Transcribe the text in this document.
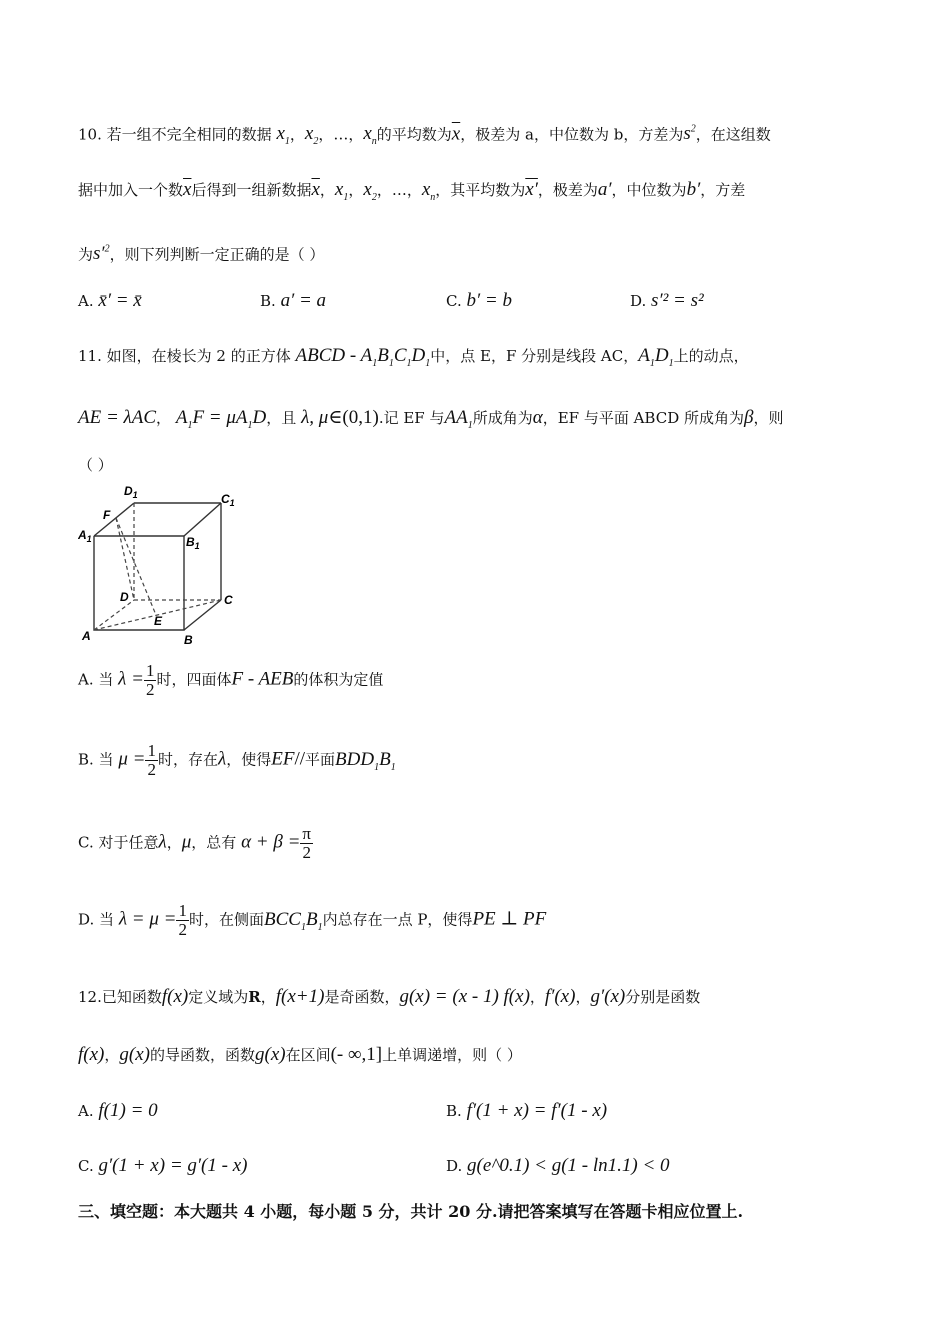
10. 若一组不完全相同的数据 $x_1$，$x_2$，…，$x_n$的平均数为$\overline{x}$，极差为 a，中位数为 b，方差为$s^2$，在这组数
据中加入一个数$\overline{x}$后得到一组新数据$\overline{x}$，$x_1$，$x_2$，…，$x_n$，其平均数为x′，极差为a′，中位数为b′，方差
为$s'^2$，则下列判断一定正确的是（ ）
A. x̄′ = x̄	B. a′ = a	C. b′ = b	D. s′² = s²
11. 如图，在棱长为 2 的正方体 ABCD - $A_1B_1C_1D_1$中，点 E，F 分别是线段 AC，$A_1D_1$上的动点，
AE = λAC， $A_1F = \mu A_1D$，且 λ, μ∈(0,1).记 EF 与$AA_1$所成角为α，EF 与平面 ABCD 所成角为β，则
（ ）
$D_1$	$C_1$
F
$A_1$	$B_1$
D	C
E
A	B
A. 当 $\lambda = \frac{1}{2}$ 时，四面体F - AEB的体积为定值
B. 当 $\mu = \frac{1}{2}$ 时，存在λ，使得EF//平面$BDD_1B_1$
C. 对于任意λ，μ，总有 $\alpha + \beta = \frac{\pi}{2}$
D. 当 $\lambda = \mu = \frac{1}{2}$ 时，在侧面$BCC_1B_1$内总存在一点 P，使得PE ⊥ PF
12.已知函数f(x)定义域为R，f(x+1)是奇函数，g(x) = (x - 1) f(x)，f′(x)，g′(x)分别是函数
f(x)，g(x)的导函数，函数g(x)在区间(- ∞,1]上单调递增，则（ ）
A. f(1) = 0	B. f′(1 + x) = f′(1 - x)
C. g′(1 + x) = g′(1 - x)	D. g(e^0.1) < g(1 - ln1.1) < 0
三、填空题：本大题共 4 小题，每小题 5 分，共计 20 分.请把答案填写在答题卡相应位置上.
